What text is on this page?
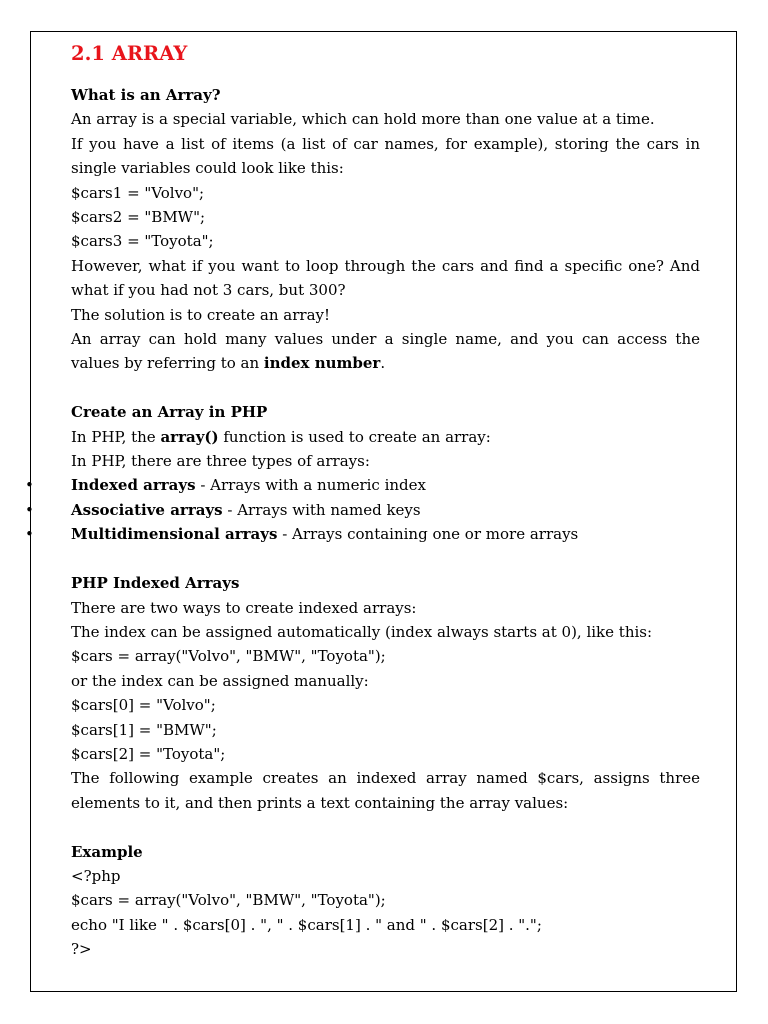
2.1 ARRAY

What is an Array?

An array is a special variable, which can hold more than one value at a time.

If you have a list of items (a list of car names, for example), storing the cars in single variables could look like this:

$cars1 = "Volvo";

$cars2 = "BMW";

$cars3 = "Toyota";

However, what if you want to loop through the cars and find a specific one? And what if you had not 3 cars, but 300?

The solution is to create an array!

An array can hold many values under a single name, and you can access the values by referring to an index number.

Create an Array in PHP

In PHP, the array() function is used to create an array:

In PHP, there are three types of arrays:

• Indexed arrays - Arrays with a numeric index
• Associative arrays - Arrays with named keys
• Multidimensional arrays - Arrays containing one or more arrays

PHP Indexed Arrays

There are two ways to create indexed arrays:

The index can be assigned automatically (index always starts at 0), like this:

$cars = array("Volvo", "BMW", "Toyota");

or the index can be assigned manually:

$cars[0] = "Volvo";

$cars[1] = "BMW";

$cars[2] = "Toyota";

The following example creates an indexed array named $cars, assigns three elements to it, and then prints a text containing the array values:

Example

<?php

$cars = array("Volvo", "BMW", "Toyota");

echo "I like " . $cars[0] . ", " . $cars[1] . " and " . $cars[2] . ".";

?>
